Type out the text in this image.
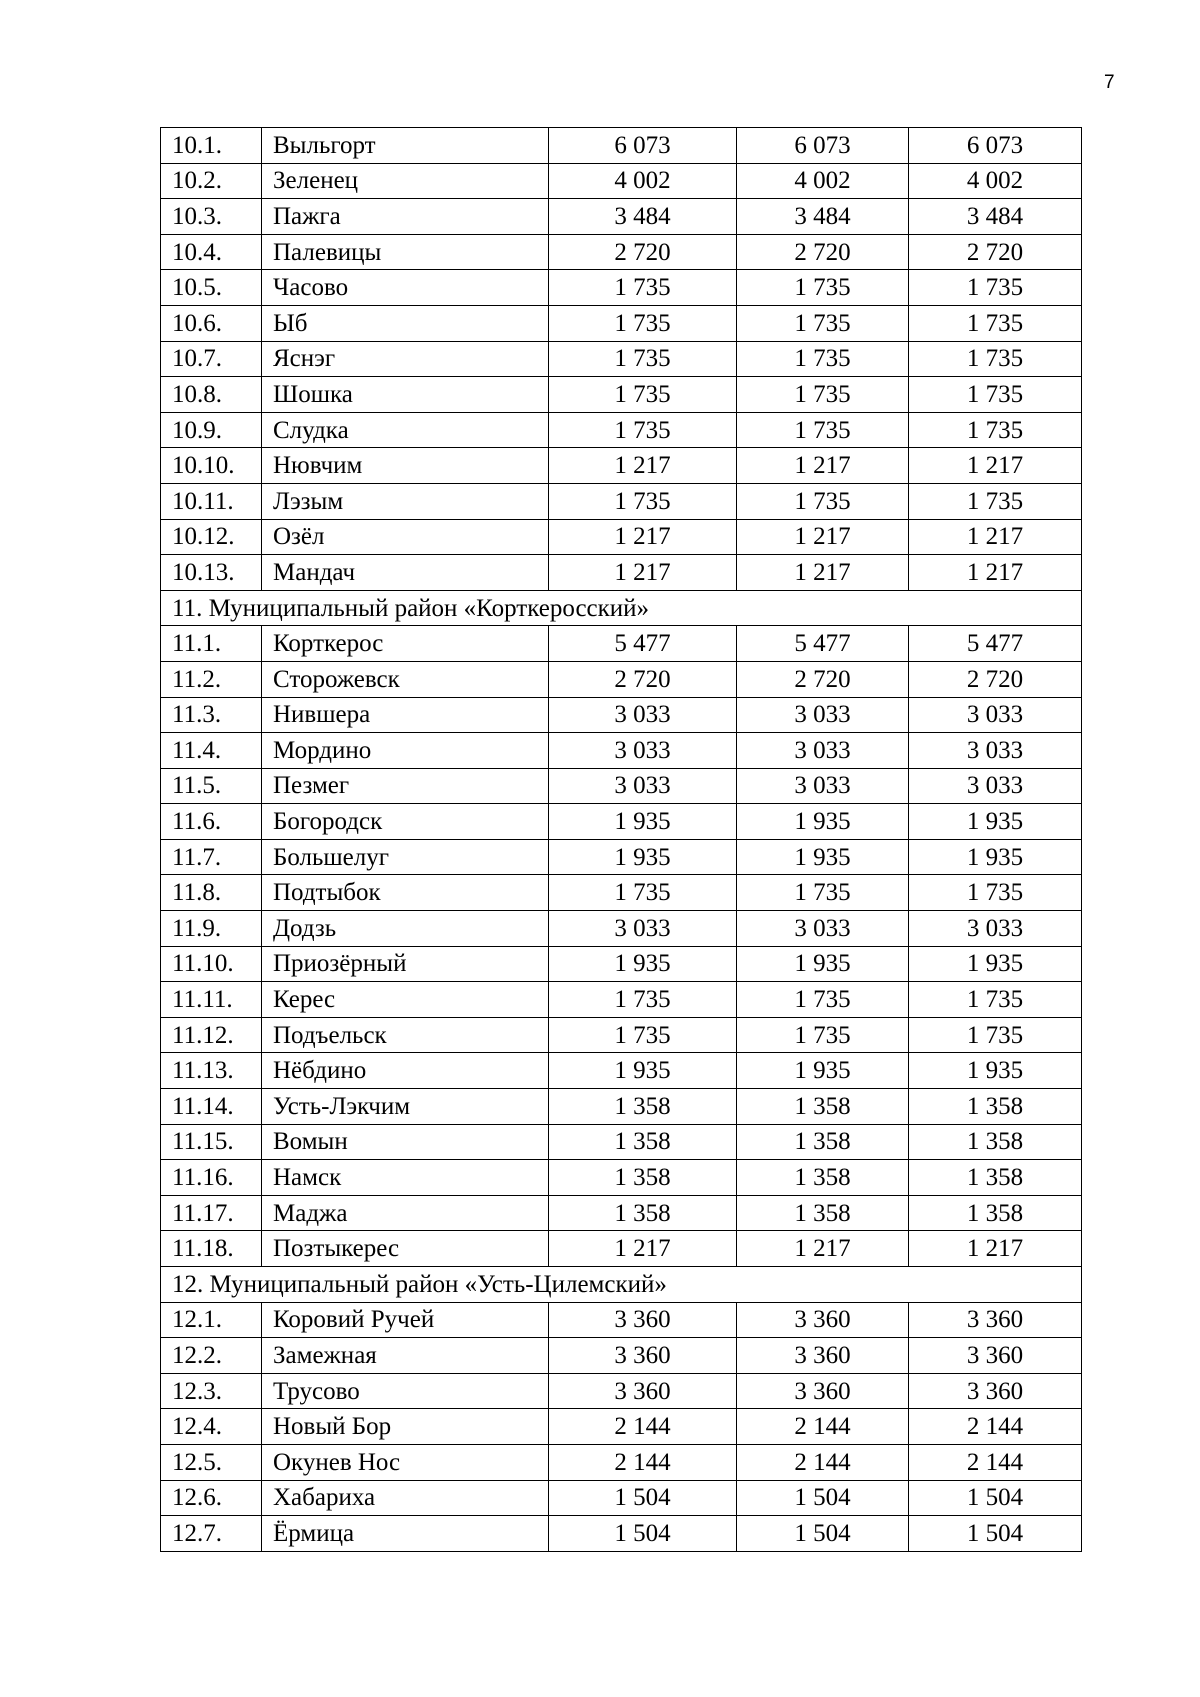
7
10.1.	Выльгорт	6 073	6 073	6 073
10.2.	Зеленец	4 002	4 002	4 002
10.3.	Пажга	3 484	3 484	3 484
10.4.	Палевицы	2 720	2 720	2 720
10.5.	Часово	1 735	1 735	1 735
10.6.	Ыб	1 735	1 735	1 735
10.7.	Яснэг	1 735	1 735	1 735
10.8.	Шошка	1 735	1 735	1 735
10.9.	Слудка	1 735	1 735	1 735
10.10.	Нювчим	1 217	1 217	1 217
10.11.	Лэзым	1 735	1 735	1 735
10.12.	Озёл	1 217	1 217	1 217
10.13.	Мандач	1 217	1 217	1 217
11. Муниципальный район «Корткеросский»				
11.1.	Корткерос	5 477	5 477	5 477
11.2.	Сторожевск	2 720	2 720	2 720
11.3.	Нившера	3 033	3 033	3 033
11.4.	Мордино	3 033	3 033	3 033
11.5.	Пезмег	3 033	3 033	3 033
11.6.	Богородск	1 935	1 935	1 935
11.7.	Большелуг	1 935	1 935	1 935
11.8.	Подтыбок	1 735	1 735	1 735
11.9.	Додзь	3 033	3 033	3 033
11.10.	Приозёрный	1 935	1 935	1 935
11.11.	Керес	1 735	1 735	1 735
11.12.	Подъельск	1 735	1 735	1 735
11.13.	Нёбдино	1 935	1 935	1 935
11.14.	Усть-Лэкчим	1 358	1 358	1 358
11.15.	Вомын	1 358	1 358	1 358
11.16.	Намск	1 358	1 358	1 358
11.17.	Маджа	1 358	1 358	1 358
11.18.	Позтыкерес	1 217	1 217	1 217
12. Муниципальный район «Усть-Цилемский»				
12.1.	Коровий Ручей	3 360	3 360	3 360
12.2.	Замежная	3 360	3 360	3 360
12.3.	Трусово	3 360	3 360	3 360
12.4.	Новый Бор	2 144	2 144	2 144
12.5.	Окунев Нос	2 144	2 144	2 144
12.6.	Хабариха	1 504	1 504	1 504
12.7.	Ёрмица	1 504	1 504	1 504
